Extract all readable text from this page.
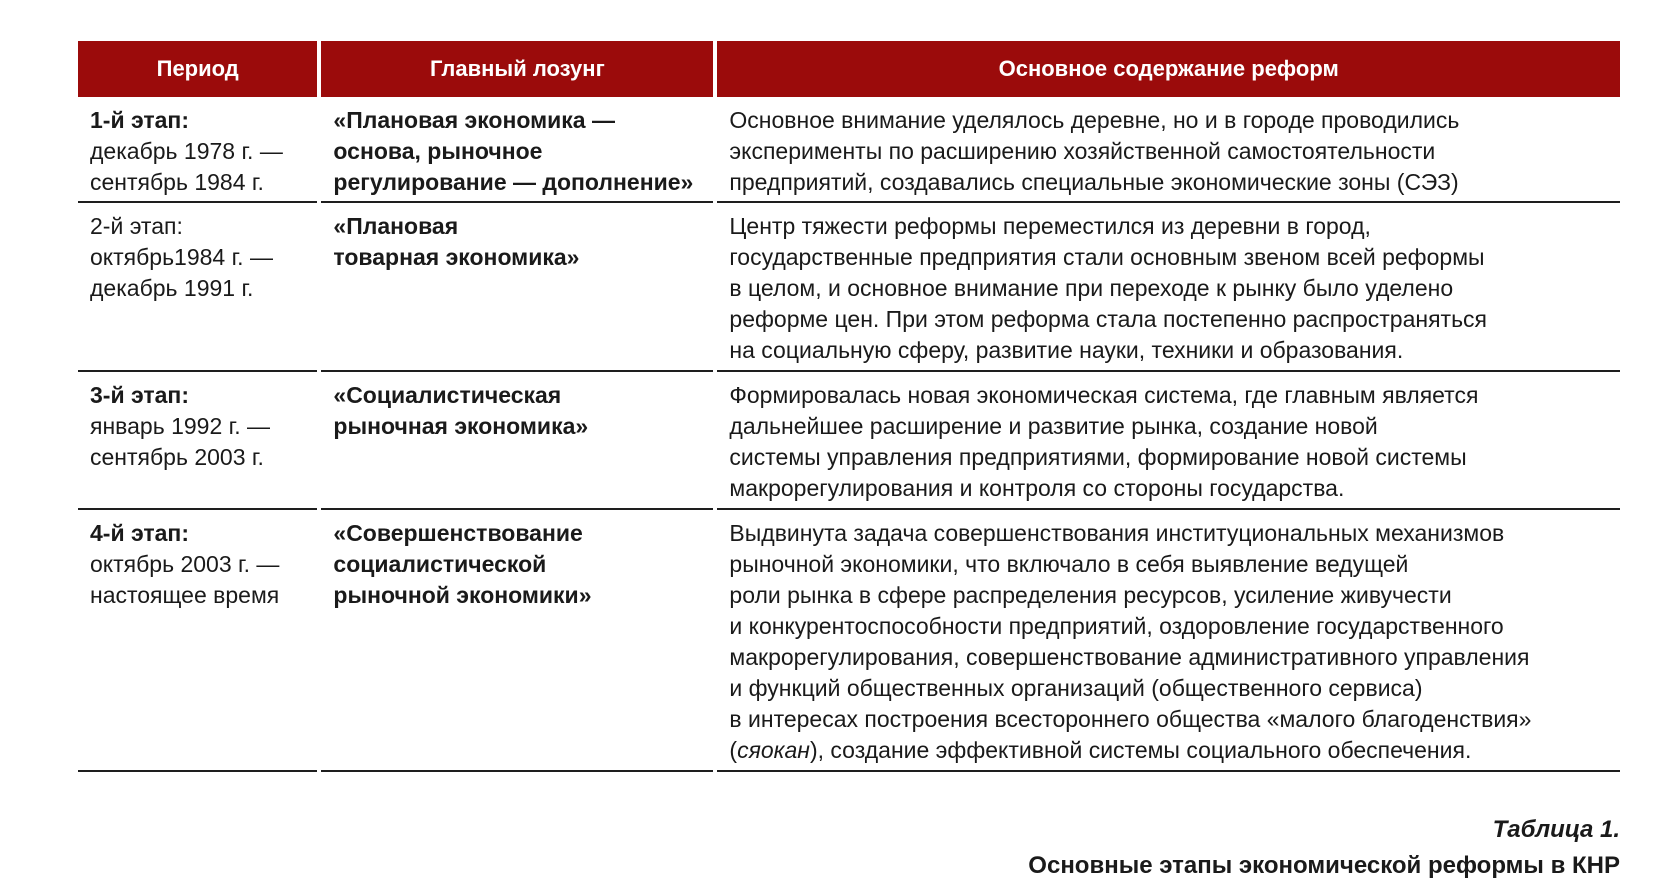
Период	Главный лозунг	Основное содержание реформ
1-й этап:
декабрь 1978 г. —
сентябрь 1984 г.
«Плановая экономика —
основа, рыночное
регулирование — дополнение»
Основное внимание уделялось деревне, но и в городе проводились
эксперименты по расширению хозяйственной самостоятельности
предприятий, создавались специальные экономические зоны (СЭЗ)
2-й этап:
октябрь1984 г. —
декабрь 1991 г.
«Плановая
товарная экономика»
Центр тяжести реформы переместился из деревни в город,
государственные предприятия стали основным звеном всей реформы
в целом, и основное внимание при переходе к рынку было уделено
реформе цен. При этом реформа стала постепенно распространяться
на социальную сферу, развитие науки, техники и образования.
3-й этап:
январь 1992 г. —
сентябрь 2003 г.
«Социалистическая
рыночная экономика»
Формировалась новая экономическая система, где главным является
дальнейшее расширение и развитие рынка, создание новой
системы управления предприятиями, формирование новой системы
макрорегулирования и контроля со стороны государства.
4-й этап:
октябрь 2003 г. —
настоящее время
«Совершенствование
социалистической
рыночной экономики»
Выдвинута задача совершенствования институциональных механизмов
рыночной экономики, что включало в себя выявление ведущей
роли рынка в сфере распределения ресурсов, усиление живучести
и конкурентоспособности предприятий, оздоровление государственного
макрорегулирования, совершенствование административного управления
и функций общественных организаций (общественного сервиса)
в интересах построения всестороннего общества «малого благоденствия»
(сяокан), создание эффективной системы социального обеспечения.
Таблица 1.
Основные этапы экономической реформы в КНР
